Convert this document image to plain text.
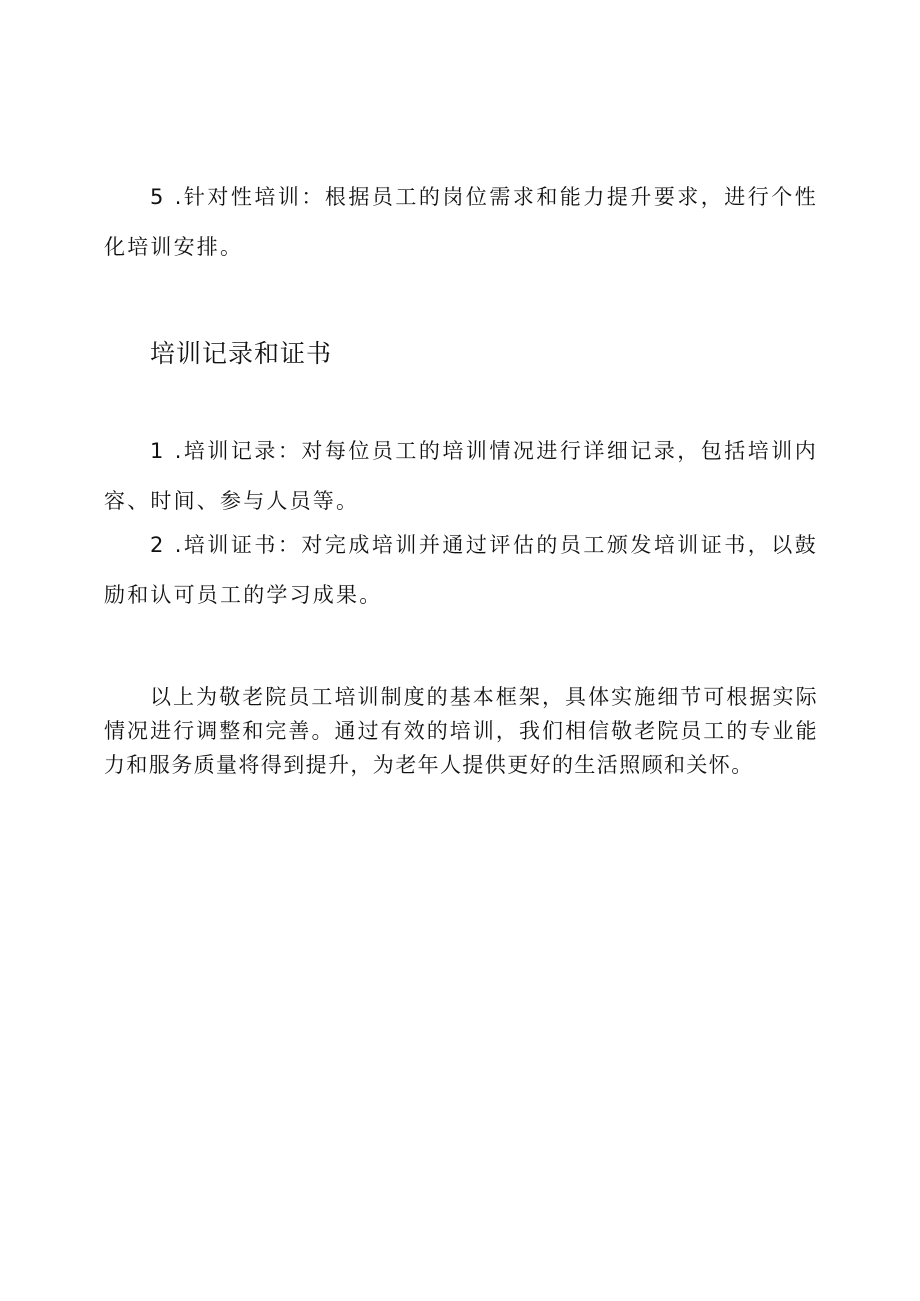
5 .针对性培训：根据员工的岗位需求和能力提升要求，进行个性化培训安排。

培训记录和证书

1 .培训记录：对每位员工的培训情况进行详细记录，包括培训内容、时间、参与人员等。

2 .培训证书：对完成培训并通过评估的员工颁发培训证书，以鼓励和认可员工的学习成果。

以上为敬老院员工培训制度的基本框架，具体实施细节可根据实际情况进行调整和完善。通过有效的培训，我们相信敬老院员工的专业能力和服务质量将得到提升，为老年人提供更好的生活照顾和关怀。
